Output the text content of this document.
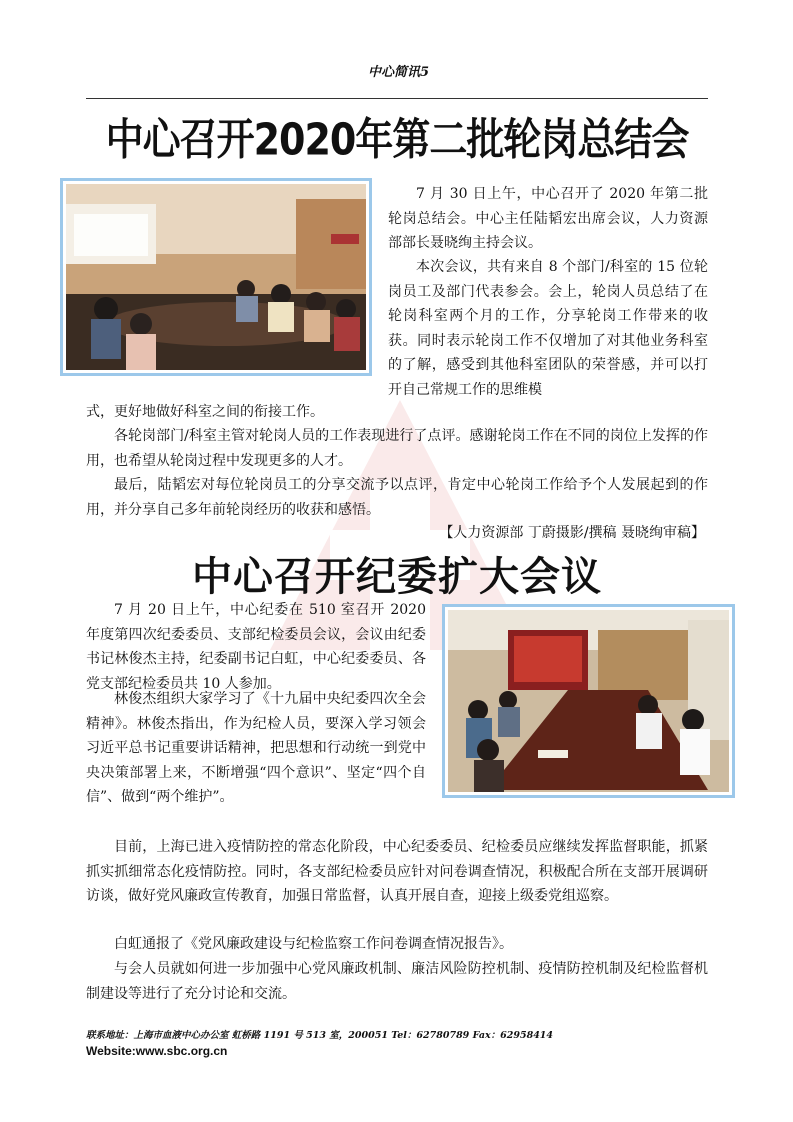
中心简讯5
中心召开2020年第二批轮岗总结会

7 月 30 日上午，中心召开了 2020 年第二批轮岗总结会。中心主任陆韬宏出席会议，人力资源部部长聂晓绚主持会议。

本次会议，共有来自 8 个部门/科室的 15 位轮岗员工及部门代表参会。会上，轮岗人员总结了在轮岗科室两个月的工作，分享轮岗工作带来的收获。同时表示轮岗工作不仅增加了对其他业务科室的了解，感受到其他科室团队的荣誉感，并可以打开自己常规工作的思维模

式，更好地做好科室之间的衔接工作。

各轮岗部门/科室主管对轮岗人员的工作表现进行了点评。感谢轮岗工作在不同的岗位上发挥的作用，也希望从轮岗过程中发现更多的人才。

最后，陆韬宏对每位轮岗员工的分享交流予以点评，肯定中心轮岗工作给予个人发展起到的作用，并分享自己多年前轮岗经历的收获和感悟。

【人力资源部 丁蔚摄影/撰稿 聂晓绚审稿】
中心召开纪委扩大会议

7 月 20 日上午，中心纪委在 510 室召开 2020 年度第四次纪委委员、支部纪检委员会议，会议由纪委书记林俊杰主持，纪委副书记白虹，中心纪委委员、各党支部纪检委员共 10 人参加。

林俊杰组织大家学习了《十九届中央纪委四次全会精神》。林俊杰指出，作为纪检人员，要深入学习领会习近平总书记重要讲话精神，把思想和行动统一到党中央决策部署上来，不断增强“四个意识”、坚定“四个自信”、做到“两个维护”。

目前，上海已进入疫情防控的常态化阶段，中心纪委委员、纪检委员应继续发挥监督职能，抓紧抓实抓细常态化疫情防控。同时，各支部纪检委员应针对问卷调查情况，积极配合所在支部开展调研访谈，做好党风廉政宣传教育，加强日常监督，认真开展自查，迎接上级委党组巡察。

白虹通报了《党风廉政建设与纪检监察工作问卷调查情况报告》。

与会人员就如何进一步加强中心党风廉政机制、廉洁风险防控机制、疫情防控机制及纪检监督机制建设等进行了充分讨论和交流。

联系地址：上海市血液中心办公室 虹桥路 1191 号 513 室，200051 Tel：62780789 Fax：62958414
Website:www.sbc.org.cn
